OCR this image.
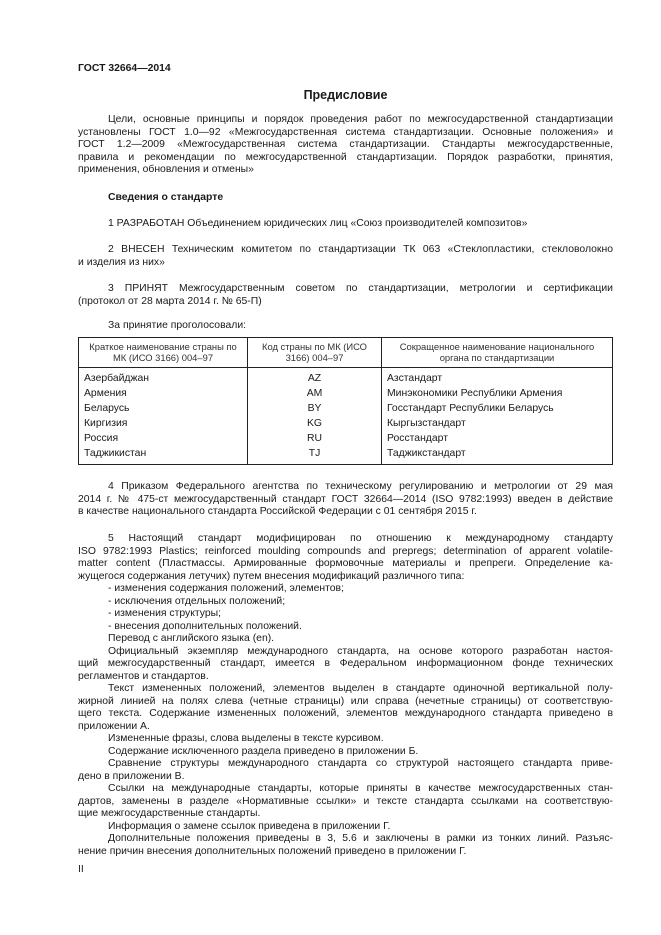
ГОСТ 32664—2014
Предисловие
Цели, основные принципы и порядок проведения работ по межгосударственной стандартизации
установлены ГОСТ 1.0—92 «Межгосударственная система стандартизации. Основные положения» и
ГОСТ 1.2—2009 «Межгосударственная система стандартизации. Стандарты межгосударственные,
правила и рекомендации по межгосударственной стандартизации. Порядок разработки, принятия,
применения, обновления и отмены»
Сведения о стандарте
1 РАЗРАБОТАН Объединением юридических лиц «Союз производителей композитов»
2 ВНЕСЕН Техническим комитетом по стандартизации ТК 063 «Стеклопластики, стекловолокно
и изделия из них»
3 ПРИНЯТ Межгосударственным советом по стандартизации, метрологии и сертификации
(протокол от 28 марта 2014 г. № 65-П)
За принятие проголосовали:
Краткое наименование страны по МК (ИСО 3166) 004–97	Код страны по МК (ИСО 3166) 004–97	Сокращенное наименование национального органа по стандартизации
Азербайджан	AZ	Азстандарт
Армения	AM	Минэкономики Республики Армения
Беларусь	BY	Госстандарт Республики Беларусь
Киргизия	KG	Кыргызстандарт
Россия	RU	Росстандарт
Таджикистан	TJ	Таджикстандарт
4 Приказом Федерального агентства по техническому регулированию и метрологии от 29 мая
2014 г. № 475-ст межгосударственный стандарт ГОСТ 32664—2014 (ISO 9782:1993) введен в действие
в качестве национального стандарта Российской Федерации с 01 сентября 2015 г.
5 Настоящий стандарт модифицирован по отношению к международному стандарту
ISO 9782:1993 Plastics; reinforced moulding compounds and prepregs; determination of apparent volatile-
matter content (Пластмассы. Армированные формовочные материалы и препреги. Определение ка-
жущегося содержания летучих) путем внесения модификаций различного типа:
- изменения содержания положений, элементов;
- исключения отдельных положений;
- изменения структуры;
- внесения дополнительных положений.
Перевод с английского языка (en).
Официальный экземпляр международного стандарта, на основе которого разработан настоя-
щий межгосударственный стандарт, имеется в Федеральном информационном фонде технических
регламентов и стандартов.
Текст измененных положений, элементов выделен в стандарте одиночной вертикальной полу-
жирной линией на полях слева (четные страницы) или справа (нечетные страницы) от соответствую-
щего текста. Содержание измененных положений, элементов международного стандарта приведено в
приложении А.
Измененные фразы, слова выделены в тексте курсивом.
Содержание исключенного раздела приведено в приложении Б.
Сравнение структуры международного стандарта со структурой настоящего стандарта приве-
дено в приложении В.
Ссылки на международные стандарты, которые приняты в качестве межгосударственных стан-
дартов, заменены в разделе «Нормативные ссылки» и тексте стандарта ссылками на соответствую-
щие межгосударственные стандарты.
Информация о замене ссылок приведена в приложении Г.
Дополнительные положения приведены в 3, 5.6 и заключены в рамки из тонких линий. Разъяс-
нение причин внесения дополнительных положений приведено в приложении Г.
II
